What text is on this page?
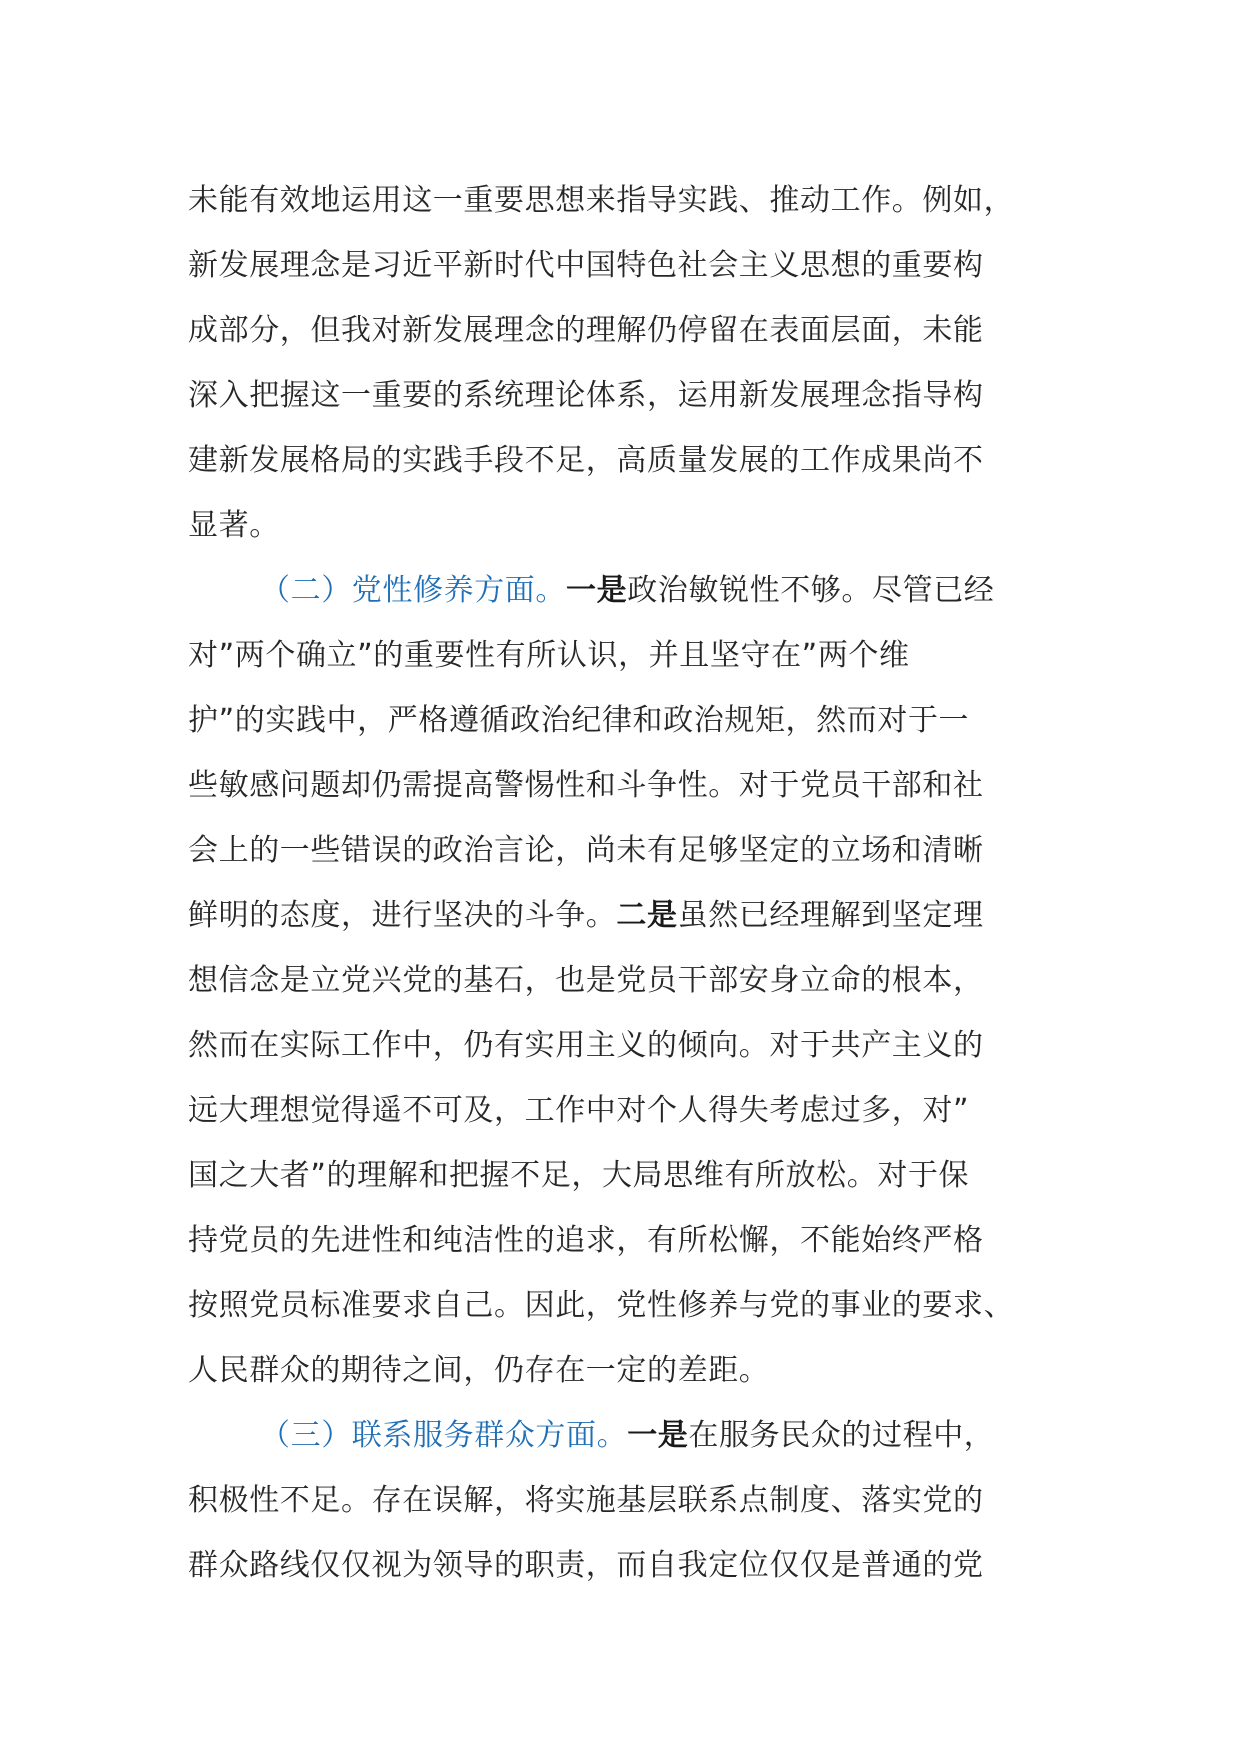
未能有效地运用这一重要思想来指导实践、推动工作。例如，
新发展理念是习近平新时代中国特色社会主义思想的重要构
成部分，但我对新发展理念的理解仍停留在表面层面，未能
深入把握这一重要的系统理论体系，运用新发展理念指导构
建新发展格局的实践手段不足，高质量发展的工作成果尚不
显著。
（二）党性修养方面。一是政治敏锐性不够。尽管已经
对”两个确立”的重要性有所认识，并且坚守在”两个维
护”的实践中，严格遵循政治纪律和政治规矩，然而对于一
些敏感问题却仍需提高警惕性和斗争性。对于党员干部和社
会上的一些错误的政治言论，尚未有足够坚定的立场和清晰
鲜明的态度，进行坚决的斗争。二是虽然已经理解到坚定理
想信念是立党兴党的基石，也是党员干部安身立命的根本，
然而在实际工作中，仍有实用主义的倾向。对于共产主义的
远大理想觉得遥不可及，工作中对个人得失考虑过多，对”
国之大者”的理解和把握不足，大局思维有所放松。对于保
持党员的先进性和纯洁性的追求，有所松懈，不能始终严格
按照党员标准要求自己。因此，党性修养与党的事业的要求、
人民群众的期待之间，仍存在一定的差距。
（三）联系服务群众方面。一是在服务民众的过程中，
积极性不足。存在误解，将实施基层联系点制度、落实党的
群众路线仅仅视为领导的职责，而自我定位仅仅是普通的党
